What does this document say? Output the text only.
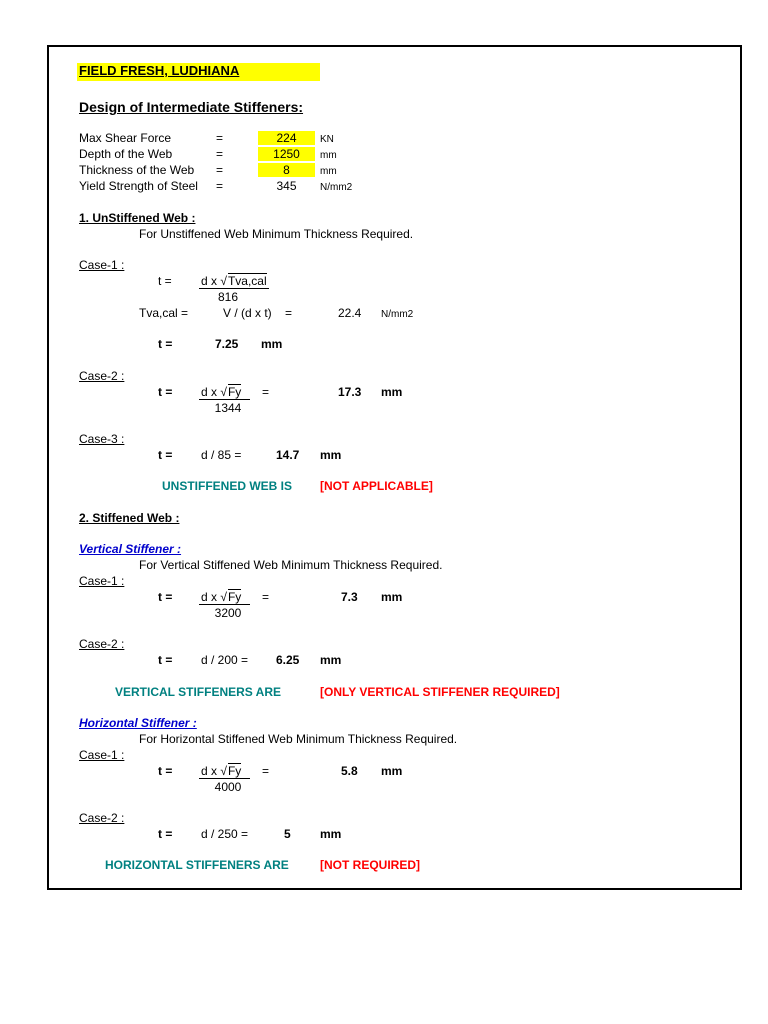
FIELD FRESH, LUDHIANA
Design of Intermediate Stiffeners:
Max Shear Force	=	224	KN
Depth of the Web	=	1250	mm
Thickness of the Web =	8	mm
Yield Strength of Steel =	345	N/mm2
1. UnStiffened Web :
For Unstiffened Web Minimum Thickness Required.
Case-1 :
t = d x √Tva,cal
816
Tva,cal =	V / (d x t) =	22.4 N/mm2
t =	7.25 mm
Case-2 :
t = d x √Fy	=
1344
17.3 mm
Case-3 :
t = d / 85 =	14.7 mm
UNSTIFFENED WEB IS [NOT APPLICABLE]
2. Stiffened Web :
Vertical Stiffener :
For Vertical Stiffened Web Minimum Thickness Required.
Case-1 :
t = d x √Fy	=
3200
7.3 mm
Case-2 :
t = d / 200 = 6.25 mm
VERTICAL STIFFENERS ARE	[ONLY VERTICAL STIFFENER REQUIRED]
Horizontal Stiffener :
For Horizontal Stiffened Web Minimum Thickness Required.
Case-1 :
t = d x √Fy	=
4000
5.8 mm
Case-2 :
t = d / 250 =	5 mm
HORIZONTAL STIFFENERS ARE	[NOT REQUIRED]
